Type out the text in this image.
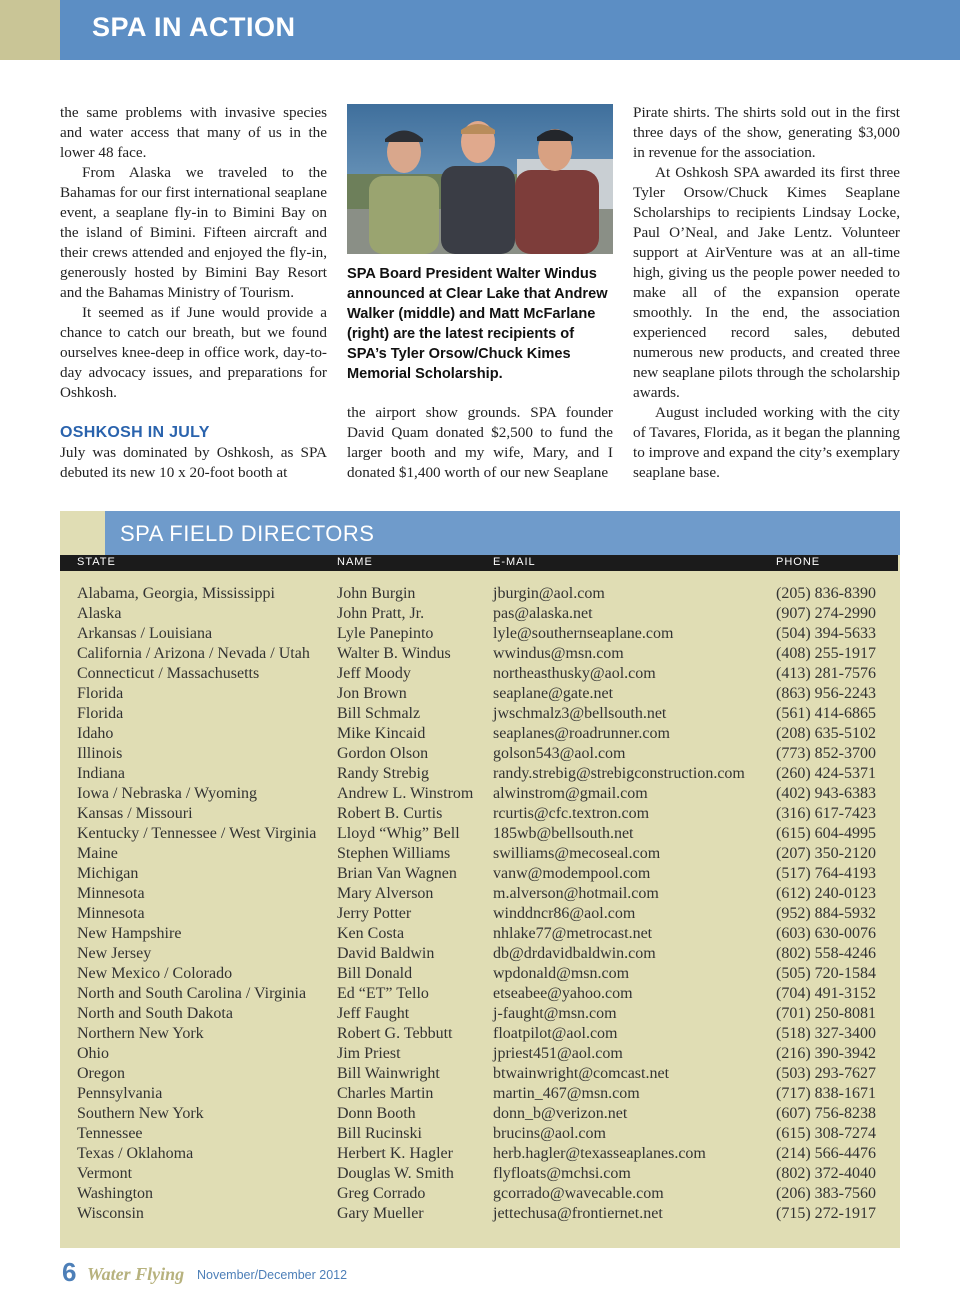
SPA IN ACTION

the same problems with invasive species and water access that many of us in the lower 48 face.

From Alaska we traveled to the Bahamas for our first international seaplane event, a seaplane fly-in to Bimini Bay on the island of Bimini. Fifteen aircraft and their crews attended and enjoyed the fly-in, generously hosted by Bimini Bay Resort and the Bahamas Ministry of Tourism.

It seemed as if June would provide a chance to catch our breath, but we found ourselves knee-deep in office work, day-to-day advocacy issues, and preparations for Oshkosh.

OSHKOSH IN JULY

July was dominated by Oshkosh, as SPA debuted its new 10 x 20-foot booth at

SPA Board President Walter Windus announced at Clear Lake that Andrew Walker (middle) and Matt McFarlane (right) are the latest recipients of SPA’s Tyler Orsow/Chuck Kimes Memorial Scholarship.

the airport show grounds. SPA founder David Quam donated $2,500 to fund the larger booth and my wife, Mary, and I donated $1,400 worth of our new Seaplane

Pirate shirts. The shirts sold out in the first three days of the show, generating $3,000 in revenue for the association.

At Oshkosh SPA awarded its first three Tyler Orsow/Chuck Kimes Seaplane Scholarships to recipients Lindsay Locke, Paul O’Neal, and Jake Lentz. Volunteer support at AirVenture was at an all-time high, giving us the people power needed to make all of the expansion operate smoothly. In the end, the association experienced record sales, debuted numerous new products, and created three new seaplane pilots through the scholarship awards.

August included working with the city of Tavares, Florida, as it began the planning to improve and expand the city’s exemplary seaplane base.

SPA FIELD DIRECTORS
STATE	NAME	E-MAIL	PHONE
Alabama, Georgia, Mississippi	John Burgin	jburgin@aol.com	(205) 836-8390
Alaska	John Pratt, Jr.	pas@alaska.net	(907) 274-2990
Arkansas / Louisiana	Lyle Panepinto	lyle@southernseaplane.com	(504) 394-5633
California / Arizona / Nevada / Utah Walter B. Windus	wwindus@msn.com	(408) 255-1917
Connecticut / Massachusetts	Jeff Moody	northeasthusky@aol.com	(413) 281-7576
Florida	Jon Brown	seaplane@gate.net	(863) 956-2243
Florida	Bill Schmalz	jwschmalz3@bellsouth.net	(561) 414-6865
Idaho	Mike Kincaid	seaplanes@roadrunner.com	(208) 635-5102
Illinois	Gordon Olson	golson543@aol.com	(773) 852-3700
Indiana	Randy Strebig	randy.strebig@strebigconstruction.com (260) 424-5371
Iowa / Nebraska / Wyoming	Andrew L. Winstrom alwinstrom@gmail.com	(402) 943-6383
Kansas / Missouri	Robert B. Curtis	rcurtis@cfc.textron.com	(316) 617-7423
Kentucky / Tennessee / West Virginia Lloyd “Whig” Bell 185wb@bellsouth.net	(615) 604-4995
Maine	Stephen Williams	swilliams@mecoseal.com	(207) 350-2120
Michigan	Brian Van Wagnen vanw@modempool.com	(517) 764-4193
Minnesota	Mary Alverson	m.alverson@hotmail.com	(612) 240-0123
Minnesota	Jerry Potter	winddncr86@aol.com	(952) 884-5932
New Hampshire	Ken Costa	nhlake77@metrocast.net	(603) 630-0076
New Jersey	David Baldwin	db@drdavidbaldwin.com	(802) 558-4246
New Mexico / Colorado	Bill Donald	wpdonald@msn.com	(505) 720-1584
North and South Carolina / Virginia Ed “ET” Tello	etseabee@yahoo.com	(704) 491-3152
North and South Dakota	Jeff Faught	j-faught@msn.com	(701) 250-8081
Northern New York	Robert G. Tebbutt	floatpilot@aol.com	(518) 327-3400
Ohio	Jim Priest	jpriest451@aol.com	(216) 390-3942
Oregon	Bill Wainwright	btwainwright@comcast.net	(503) 293-7627
Pennsylvania	Charles Martin	martin_467@msn.com	(717) 838-1671
Southern New York	Donn Booth	donn_b@verizon.net	(607) 756-8238
Tennessee	Bill Rucinski	brucins@aol.com	(615) 308-7274
Texas / Oklahoma	Herbert K. Hagler	herb.hagler@texasseaplanes.com	(214) 566-4476
Vermont	Douglas W. Smith flyfloats@mchsi.com	(802) 372-4040
Washington	Greg Corrado	gcorrado@wavecable.com	(206) 383-7560
Wisconsin	Gary Mueller	jettechusa@frontiernet.net	(715) 272-1917
6 Water Flying November/December 2012
